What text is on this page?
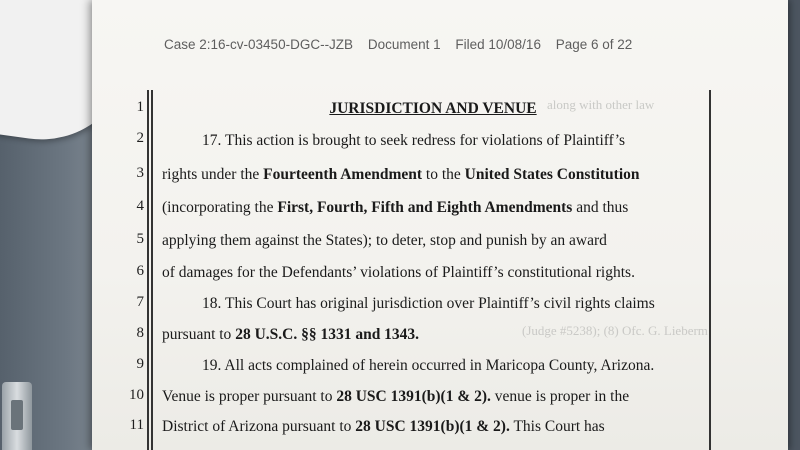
along with other law
(Judge #5238); (8) Ofc. G. Lieberm
Case 2:16-cv-03450-DGC--JZB Document 1 Filed 10/08/16 Page 6 of 22
1
2
3
4
5
6
7
8
9
10
11
JURISDICTION AND VENUE
17. This action is brought to seek redress for violations of Plaintiff’s
rights under the Fourteenth Amendment to the United States Constitution
(incorporating the First, Fourth, Fifth and Eighth Amendments and thus
applying them against the States); to deter, stop and punish by an award
of damages for the Defendants’ violations of Plaintiff’s constitutional rights.
18. This Court has original jurisdiction over Plaintiff’s civil rights claims
pursuant to 28 U.S.C. §§ 1331 and 1343.
19. All acts complained of herein occurred in Maricopa County, Arizona.
Venue is proper pursuant to 28 USC 1391(b)(1 & 2). venue is proper in the
District of Arizona pursuant to 28 USC 1391(b)(1 & 2). This Court has
